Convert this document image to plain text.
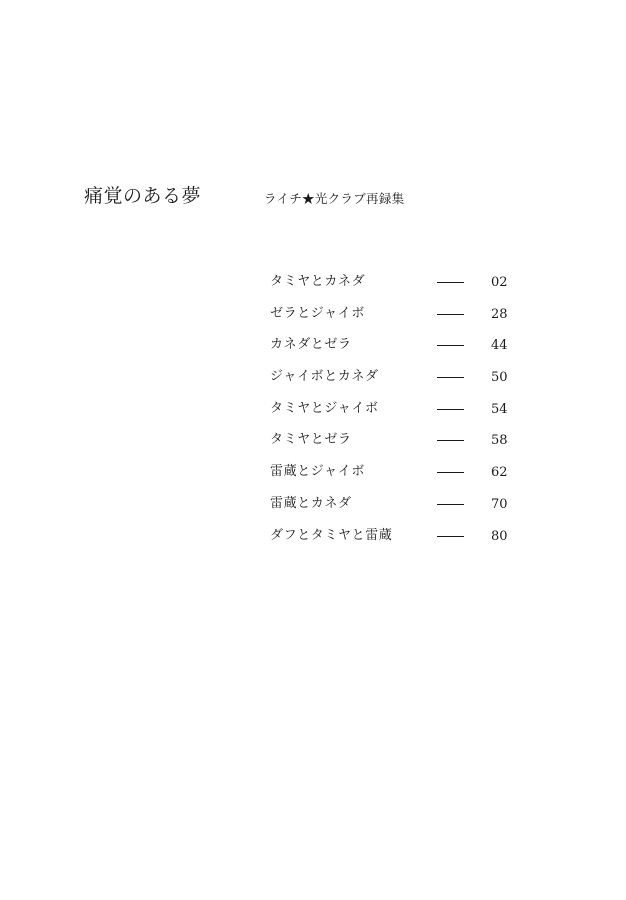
痛覚のある夢	ライチ★光クラブ再録集
タミヤとカネダ	02
ゼラとジャイボ	28
カネダとゼラ	44
ジャイボとカネダ	50
タミヤとジャイボ	54
タミヤとゼラ	58
雷蔵とジャイボ	62
雷蔵とカネダ	70
ダフとタミヤと雷蔵	80
